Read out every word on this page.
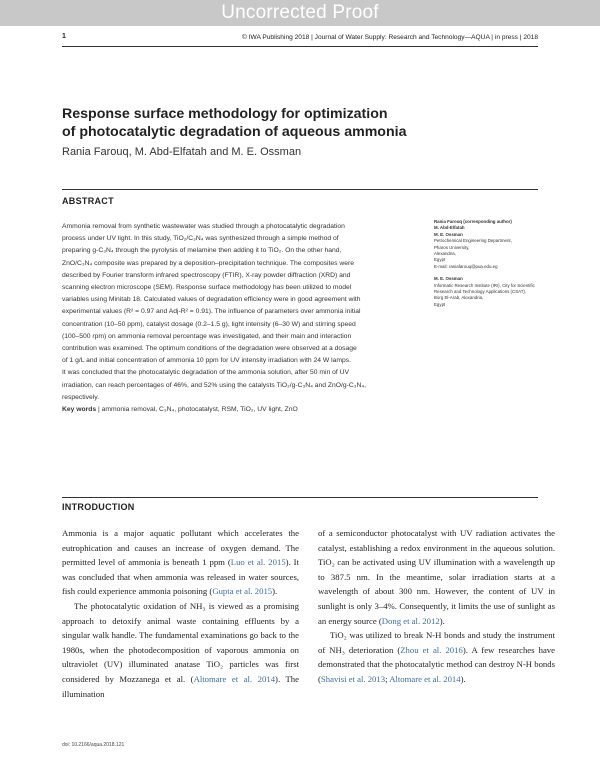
Uncorrected Proof
1	© IWA Publishing 2018 | Journal of Water Supply: Research and Technology—AQUA | in press | 2018
Response surface methodology for optimization
of photocatalytic degradation of aqueous ammonia
Rania Farouq, M. Abd-Elfatah and M. E. Ossman
ABSTRACT

Ammonia removal from synthetic wastewater was studied through a photocatalytic degradation
process under UV light. In this study, TiO₂/C₃N₄ was synthesized through a simple method of
preparing g-C₃N₄ through the pyrolysis of melamine then adding it to TiO₂. On the other hand,
ZnO/C₃N₄ composite was prepared by a deposition–precipitation technique. The composites were
described by Fourier transform infrared spectroscopy (FTIR), X-ray powder diffraction (XRD) and
scanning electron microscope (SEM). Response surface methodology has been utilized to model
variables using Minitab 18. Calculated values of degradation efficiency were in good agreement with
experimental values (R² = 0.97 and Adj-R² = 0.91). The influence of parameters over ammonia initial
concentration (10–50 ppm), catalyst dosage (0.2–1.5 g), light intensity (6–30 W) and stirring speed
(100–500 rpm) on ammonia removal percentage was investigated, and their main and interaction
contribution was examined. The optimum conditions of the degradation were observed at a dosage
of 1 g/L and initial concentration of ammonia 10 ppm for UV intensity irradiation with 24 W lamps.
It was concluded that the photocatalytic degradation of the ammonia solution, after 50 min of UV
irradiation, can reach percentages of 46%, and 52% using the catalysts TiO₂/g-C₃N₄ and ZnO/g-C₃N₄,
respectively.

Key words | ammonia removal, C₃N₄, photocatalyst, RSM, TiO₂, UV light, ZnO

Rania Farouq (corresponding author)
M. Abd-Elfatah
M. E. Ossman
Petrochemical Engineering Department,
Pharos University,
Alexandria,
Egypt
E-mail: raniafarouq@pua.edu.eg
M. E. Ossman
Informatic Research Institute (IRI), City for Scientific
Research and Technology Applications (CSAT),
Borg El-Arab, Alexandria,
Egypt
INTRODUCTION

Ammonia is a major aquatic pollutant which accelerates the eutrophication and causes an increase of oxygen demand. The permitted level of ammonia is beneath 1 ppm (Luo et al. 2015). It was concluded that when ammonia was released in water sources, fish could experience ammonia poisoning (Gupta et al. 2015).

The photocatalytic oxidation of NH₃ is viewed as a promising approach to detoxify animal waste containing effluents by a singular walk handle. The fundamental examinations go back to the 1980s, when the photodecomposition of vaporous ammonia on ultraviolet (UV) illuminated anatase TiO₂ particles was first considered by Mozzanega et al. (Altomare et al. 2014). The illumination

of a semiconductor photocatalyst with UV radiation activates the catalyst, establishing a redox environment in the aqueous solution. TiO₂ can be activated using UV illumination with a wavelength up to 387.5 nm. In the meantime, solar irradiation starts at a wavelength of about 300 nm. However, the content of UV in sunlight is only 3–4%. Consequently, it limits the use of sunlight as an energy source (Dong et al. 2012).

TiO₂ was utilized to break N-H bonds and study the instrument of NH₃ deterioration (Zhou et al. 2016). A few researches have demonstrated that the photocatalytic method can destroy N-H bonds (Shavisi et al. 2013; Altomare et al. 2014).

doi: 10.2166/aqua.2018.121
